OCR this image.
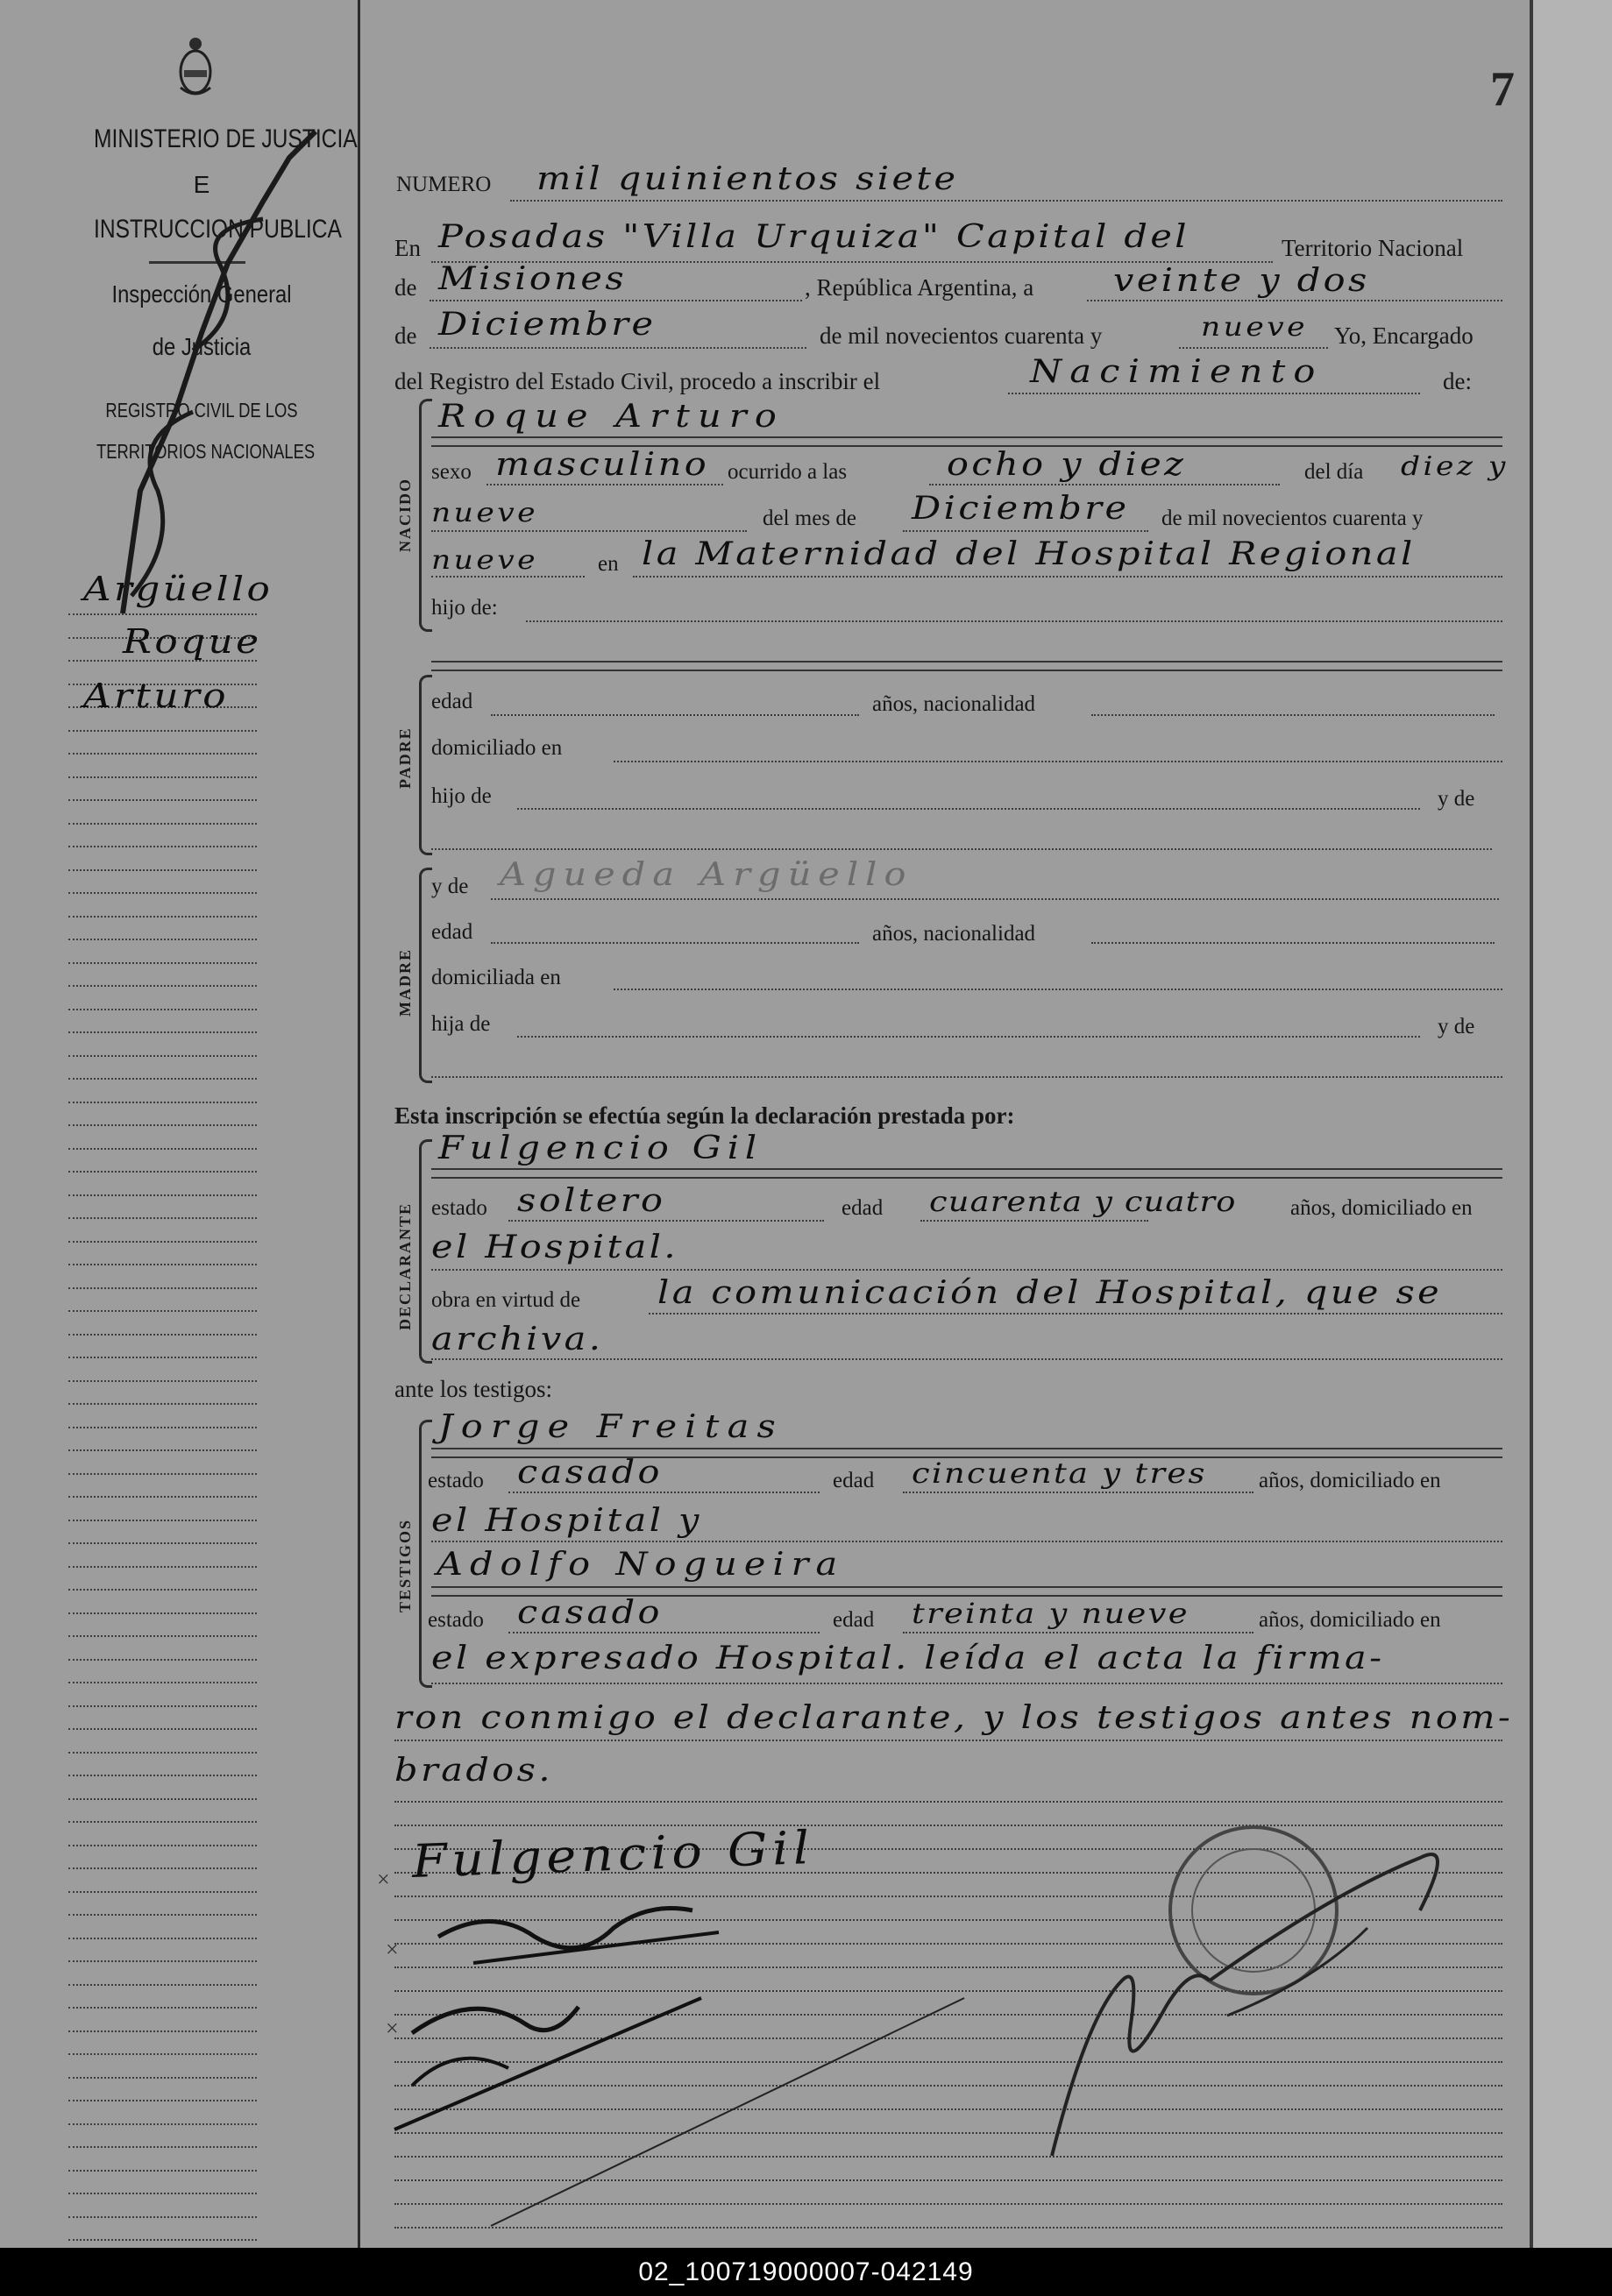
MINISTERIO DE JUSTICIA
E
INSTRUCCION PUBLICA
Inspección General
de Justicia
REGISTRO CIVIL DE LOS
TERRITORIOS NACIONALES
7
Argüello
Roque
Arturo
NUMERO mil quinientos siete
En Posadas "Villa Urquiza" Capital del	Territorio Nacional
de Misiones	, República Argentina, a	veinte y dos
de Diciembre	de mil novecientos cuarenta y	nueve Yo, Encargado
del Registro del Estado Civil, procedo a inscribir el	Nacimiento	de:
NACIDO
Roque Arturo
sexo masculino ocurrido a las	ocho y diez	del día diez y
nueve	del mes de Diciembre de mil novecientos cuarenta y
nueve	en la Maternidad del Hospital Regional
hijo de:
PADRE
edad	años, nacionalidad
domiciliado en
hijo de	y de
MADRE
y de Agueda Argüello
edad	años, nacionalidad
domiciliada en
hija de	y de
Esta inscripción se efectúa según la declaración prestada por:
DECLARANTE
Fulgencio Gil
estado soltero	edad cuarenta y cuatro años, domiciliado en
el Hospital.
obra en virtud de la comunicación del Hospital, que se
archiva.
ante los testigos:
TESTIGOS
Jorge Freitas
estado casado	edad cincuenta y tres años, domiciliado en
el Hospital y
Adolfo Nogueira
estado casado	edad treinta y nueve	años, domiciliado en
el expresado Hospital. leída el acta la firma-
ron conmigo el declarante, y los testigos antes nom-
brados.
Fulgencio Gil
×
×
×
02_100719000007-042149
